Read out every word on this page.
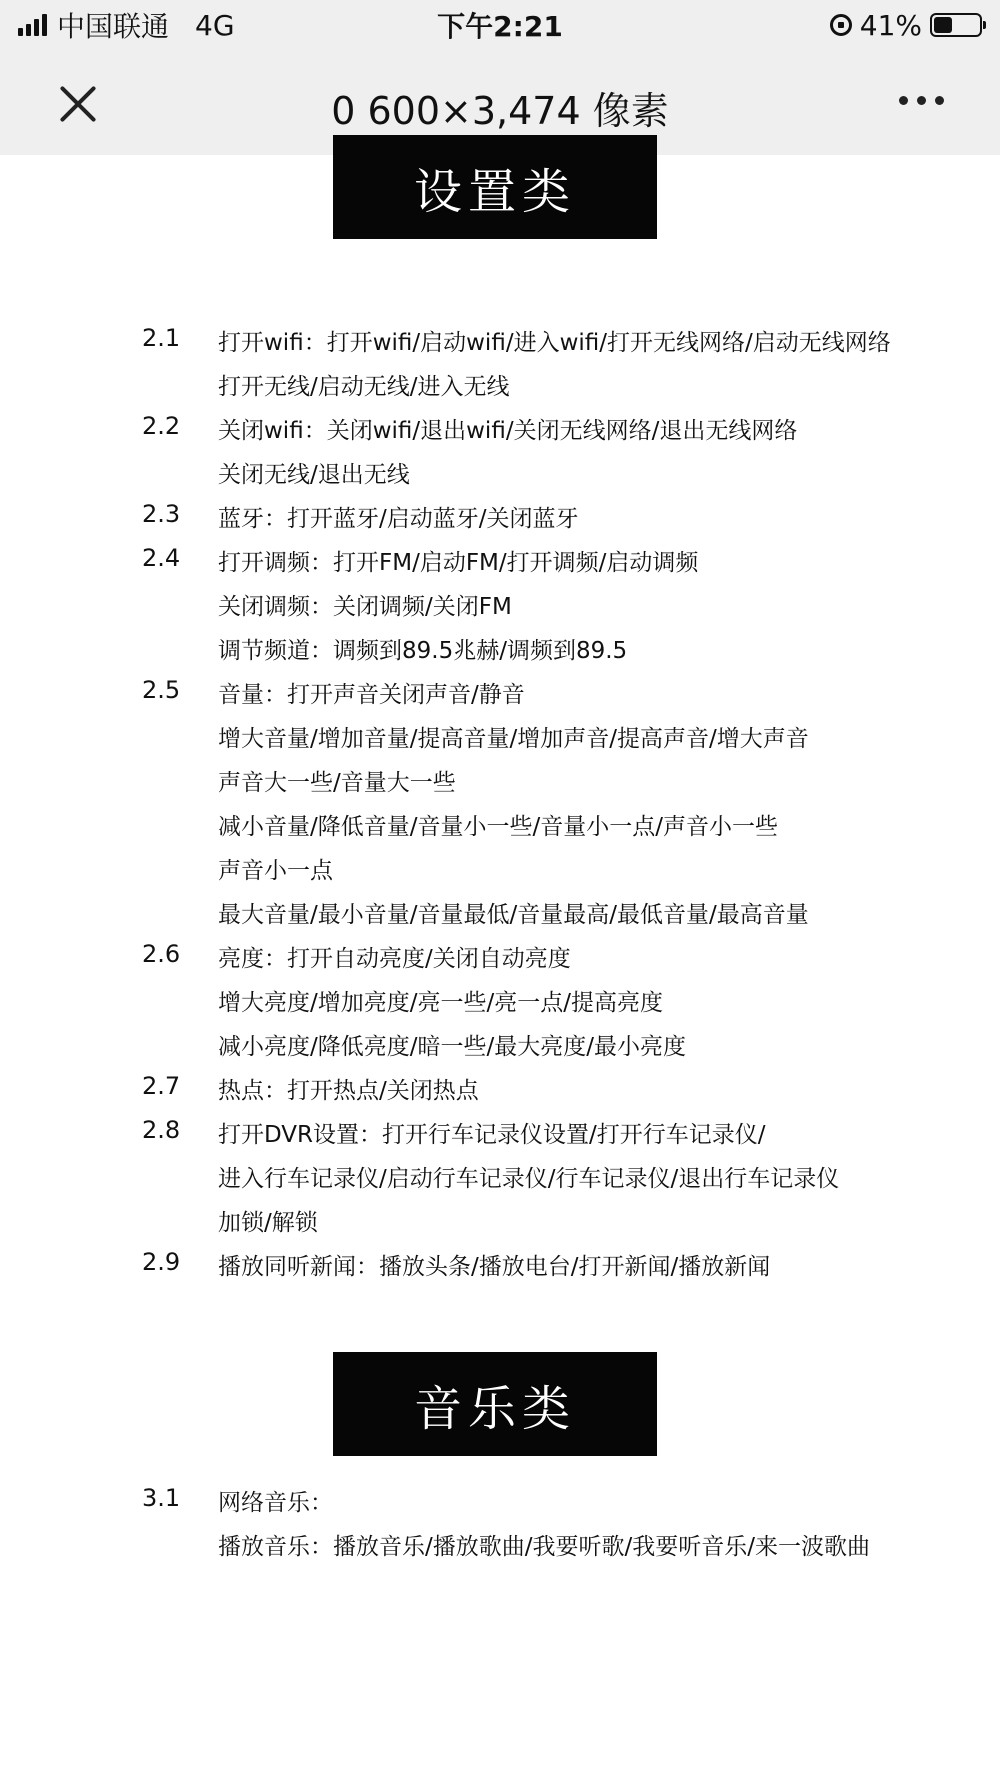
中国联通 4G	下午2:21	41%
0 600×3,474 像素
设置类
2.1 打开wifi：打开wifi/启动wifi/进入wifi/打开无线网络/启动无线网络
打开无线/启动无线/进入无线
2.2 关闭wifi：关闭wifi/退出wifi/关闭无线网络/退出无线网络
关闭无线/退出无线
2.3 蓝牙：打开蓝牙/启动蓝牙/关闭蓝牙
2.4 打开调频：打开FM/启动FM/打开调频/启动调频
关闭调频：关闭调频/关闭FM
调节频道：调频到89.5兆赫/调频到89.5
2.5 音量：打开声音关闭声音/静音
增大音量/增加音量/提高音量/增加声音/提高声音/增大声音
声音大一些/音量大一些
减小音量/降低音量/音量小一些/音量小一点/声音小一些
声音小一点
最大音量/最小音量/音量最低/音量最高/最低音量/最高音量
2.6 亮度：打开自动亮度/关闭自动亮度
增大亮度/增加亮度/亮一些/亮一点/提高亮度
减小亮度/降低亮度/暗一些/最大亮度/最小亮度
2.7 热点：打开热点/关闭热点
2.8 打开DVR设置：打开行车记录仪设置/打开行车记录仪/
进入行车记录仪/启动行车记录仪/行车记录仪/退出行车记录仪
加锁/解锁
2.9 播放同听新闻：播放头条/播放电台/打开新闻/播放新闻
音乐类
3.1 网络音乐：
播放音乐：播放音乐/播放歌曲/我要听歌/我要听音乐/来一波歌曲
